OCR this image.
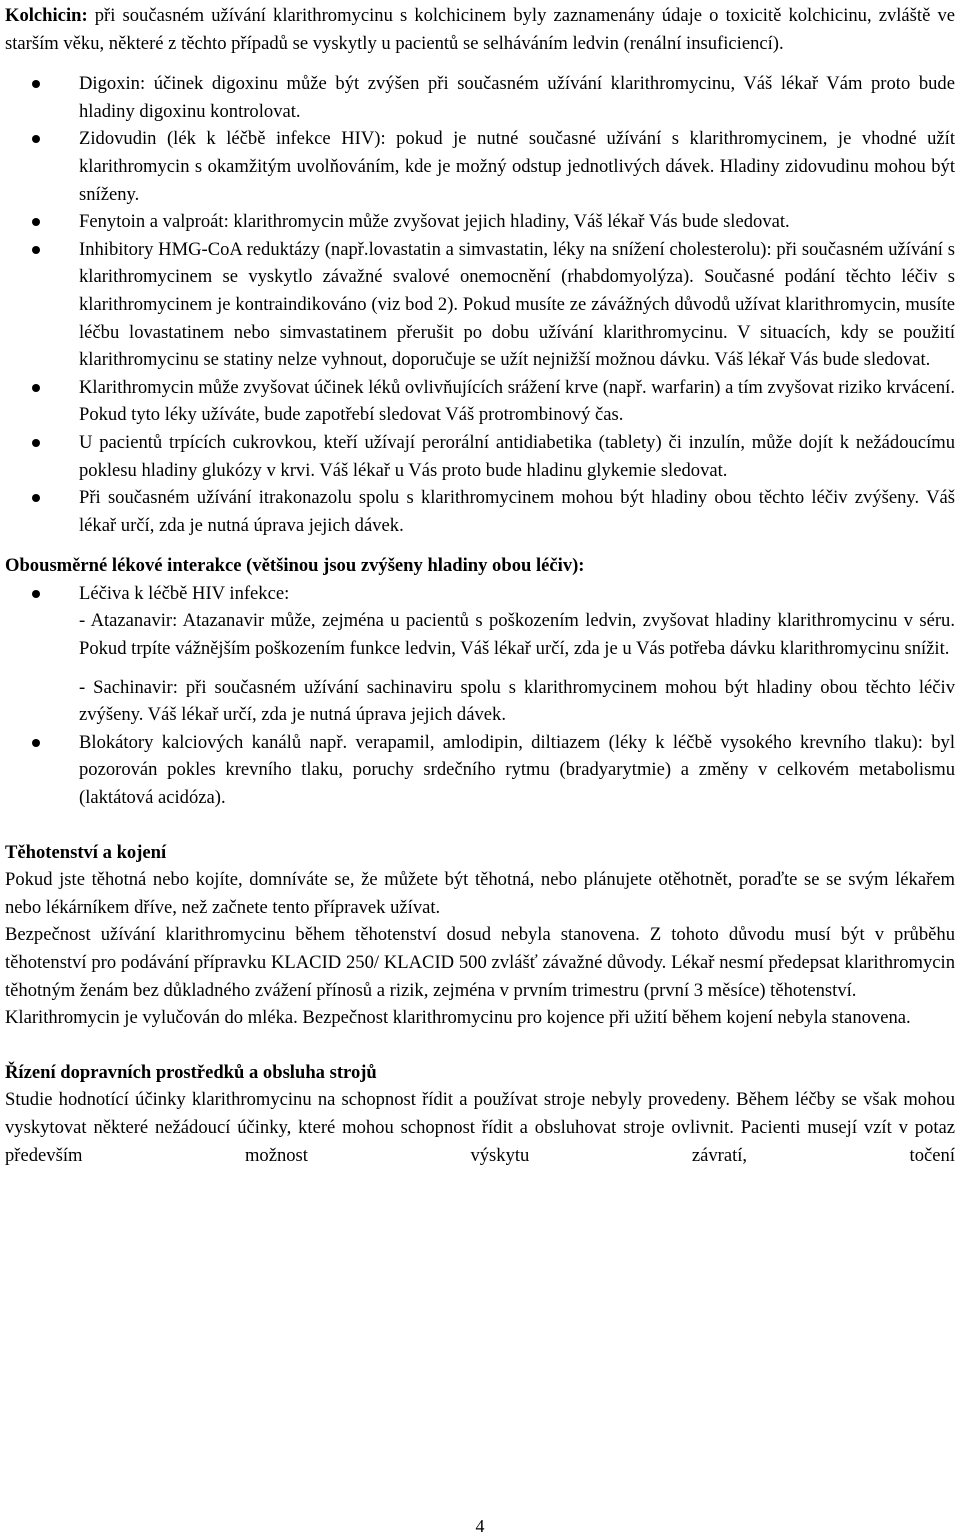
Kolchicin: při současném užívání klarithromycinu s kolchicinem byly zaznamenány údaje o toxicitě kolchicinu, zvláště ve starším věku, některé z těchto případů se vyskytly u pacientů se selháváním ledvin (renální insuficiencí).

Digoxin: účinek digoxinu může být zvýšen při současném užívání klarithromycinu, Váš lékař Vám proto bude hladiny digoxinu kontrolovat.
Zidovudin (lék k léčbě infekce HIV): pokud je nutné současné užívání s klarithromycinem, je vhodné užít klarithromycin s okamžitým uvolňováním, kde je možný odstup jednotlivých dávek. Hladiny zidovudinu mohou být sníženy.
Fenytoin a valproát: klarithromycin může zvyšovat jejich hladiny, Váš lékař Vás bude sledovat.
Inhibitory HMG-CoA reduktázy (např.lovastatin a simvastatin, léky na snížení cholesterolu): při současném užívání s klarithromycinem se vyskytlo závažné svalové onemocnění (rhabdomyolýza). Současné podání těchto léčiv s klarithromycinem je kontraindikováno (viz bod 2). Pokud musíte ze závážných důvodů užívat klarithromycin, musíte léčbu lovastatinem nebo simvastatinem přerušit po dobu užívání klarithromycinu. V situacích, kdy se použití klarithromycinu se statiny nelze vyhnout, doporučuje se užít nejnižší možnou dávku. Váš lékař Vás bude sledovat.
Klarithromycin může zvyšovat účinek léků ovlivňujících srážení krve (např. warfarin) a tím zvyšovat riziko krvácení. Pokud tyto léky užíváte, bude zapotřebí sledovat Váš protrombinový čas.
U pacientů trpících cukrovkou, kteří užívají perorální antidiabetika (tablety) či inzulín, může dojít k nežádoucímu poklesu hladiny glukózy v krvi. Váš lékař u Vás proto bude hladinu glykemie sledovat.
Při současném užívání itrakonazolu spolu s klarithromycinem mohou být hladiny obou těchto léčiv zvýšeny. Váš lékař určí, zda je nutná úprava jejich dávek.

Obousměrné lékové interakce (většinou jsou zvýšeny hladiny obou léčiv):

Léčiva k léčbě HIV infekce:

- Atazanavir: Atazanavir může, zejména u pacientů s poškozením ledvin, zvyšovat hladiny klarithromycinu v séru. Pokud trpíte vážnějším poškozením funkce ledvin, Váš lékař určí, zda je u Vás potřeba dávku klarithromycinu snížit.

- Sachinavir: při současném užívání sachinaviru spolu s klarithromycinem mohou být hladiny obou těchto léčiv zvýšeny. Váš lékař určí, zda je nutná úprava jejich dávek.

Blokátory kalciových kanálů např. verapamil, amlodipin, diltiazem (léky k léčbě vysokého krevního tlaku): byl pozorován pokles krevního tlaku, poruchy srdečního rytmu (bradyarytmie) a změny v celkovém metabolismu (laktátová acidóza).

Těhotenství a kojení

Pokud jste těhotná nebo kojíte, domníváte se, že můžete být těhotná, nebo plánujete otěhotnět, poraďte se se svým lékařem nebo lékárníkem dříve, než začnete tento přípravek užívat.

Bezpečnost užívání klarithromycinu během těhotenství dosud nebyla stanovena. Z tohoto důvodu musí být v průběhu těhotenství pro podávání přípravku KLACID 250/ KLACID 500 zvlášť závažné důvody. Lékař nesmí předepsat klarithromycin těhotným ženám bez důkladného zvážení přínosů a rizik, zejména v prvním trimestru (první 3 měsíce) těhotenství.

Klarithromycin je vylučován do mléka. Bezpečnost klarithromycinu pro kojence při užití během kojení nebyla stanovena.

Řízení dopravních prostředků a obsluha strojů

Studie hodnotící účinky klarithromycinu na schopnost řídit a používat stroje nebyly provedeny. Během léčby se však mohou vyskytovat některé nežádoucí účinky, které mohou schopnost řídit a obsluhovat stroje ovlivnit. Pacienti musejí vzít v potaz především možnost výskytu závratí, točení

4
